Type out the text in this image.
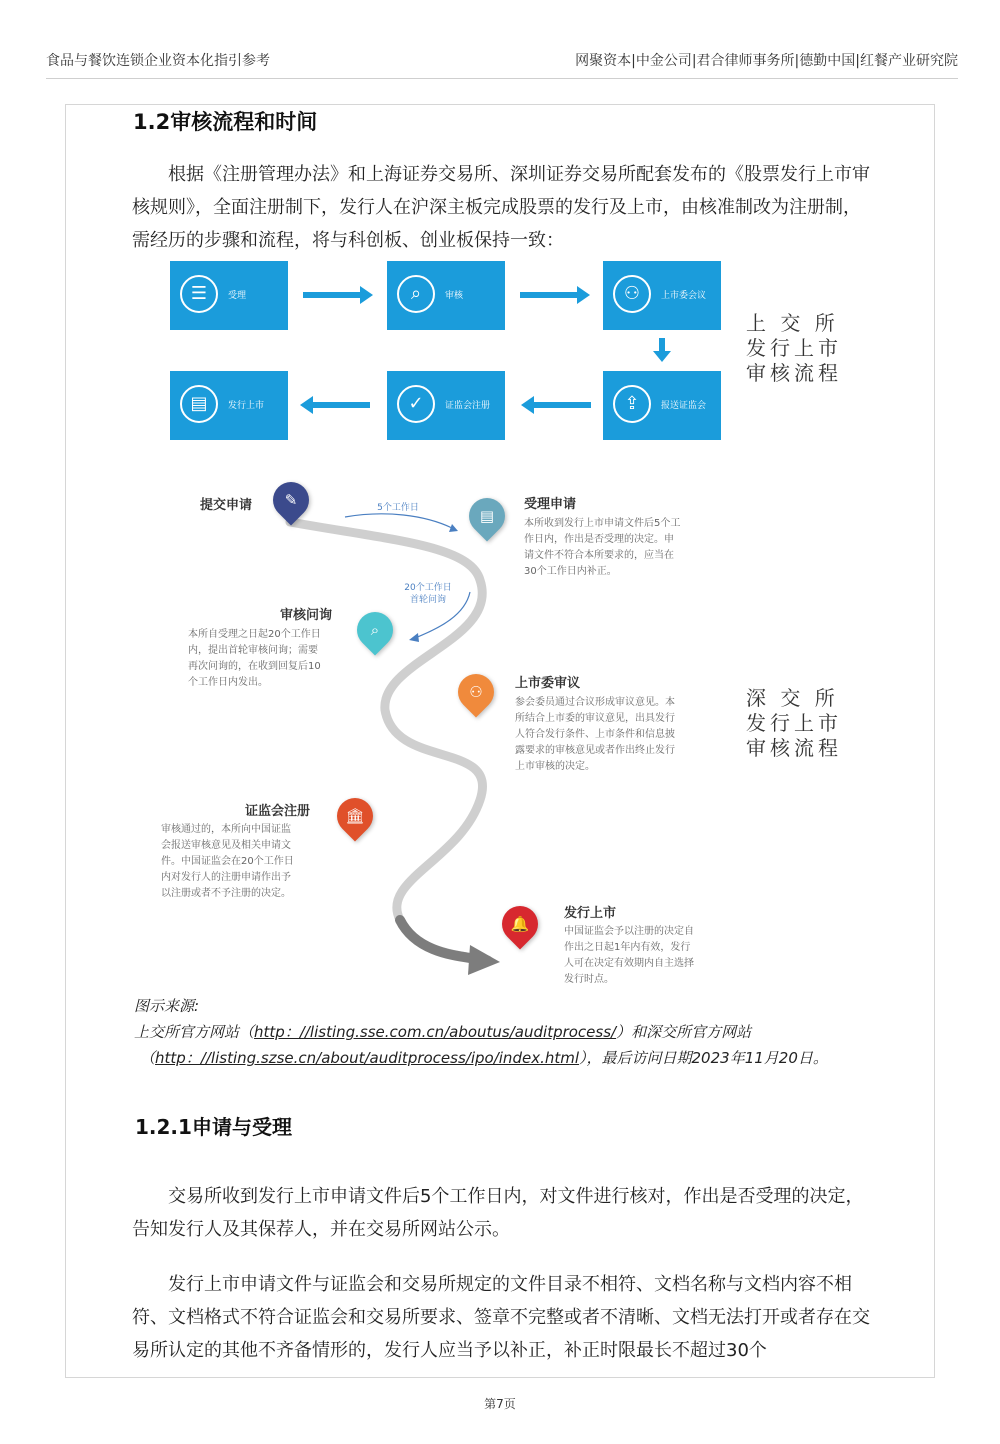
食品与餐饮连锁企业资本化指引参考	网聚资本|中金公司|君合律师事务所|德勤中国|红餐产业研究院
1.2审核流程和时间
根据《注册管理办法》和上海证券交易所、深圳证券交易所配套发布的《股票发行上市审核规则》，全面注册制下，发行人在沪深主板完成股票的发行及上市，由核准制改为注册制，需经历的步骤和流程，将与科创板、创业板保持一致：
☰	受理	⌕	审核	⚇	上市委会议
⇪	报送证监会
✓	证监会注册
▤	发行上市
上 交 所
发行上市
审核流程
5个工作日
20个工作日
首轮问询
提交申请	✎
▤
受理申请
本所收到发行上市申请文件后5个工
作日内，作出是否受理的决定。申
请文件不符合本所要求的，应当在
30个工作日内补正。
审核问询
本所自受理之日起20个工作日
内，提出首轮审核问询；需要
再次问询的，在收到回复后10
个工作日内发出。
⌕
⚇	上市委审议
参会委员通过合议形成审议意见。本
所结合上市委的审议意见，出具发行
人符合发行条件、上市条件和信息披
露要求的审核意见或者作出终止发行
上市审核的决定。
深 交 所
发行上市
审核流程
证监会注册
审核通过的，本所向中国证监
会报送审核意见及相关申请文
件。中国证监会在20个工作日
内对发行人的注册申请作出予
以注册或者不予注册的决定。
🏛
🔔
发行上市
中国证监会予以注册的决定自
作出之日起1年内有效，发行
人可在决定有效期内自主选择
发行时点。
图示来源:
上交所官方网站（http：//listing.sse.com.cn/aboutus/auditprocess/）和深交所官方网站
（http：//listing.szse.cn/about/auditprocess/ipo/index.html），最后访问日期2023年11月20日。
1.2.1申请与受理
交易所收到发行上市申请文件后5个工作日内，对文件进行核对，作出是否受理的决定，告知发行人及其保荐人，并在交易所网站公示。
发行上市申请文件与证监会和交易所规定的文件目录不相符、文档名称与文档内容不相符、文档格式不符合证监会和交易所要求、签章不完整或者不清晰、文档无法打开或者存在交易所认定的其他不齐备情形的，发行人应当予以补正，补正时限最长不超过30个
第7页
